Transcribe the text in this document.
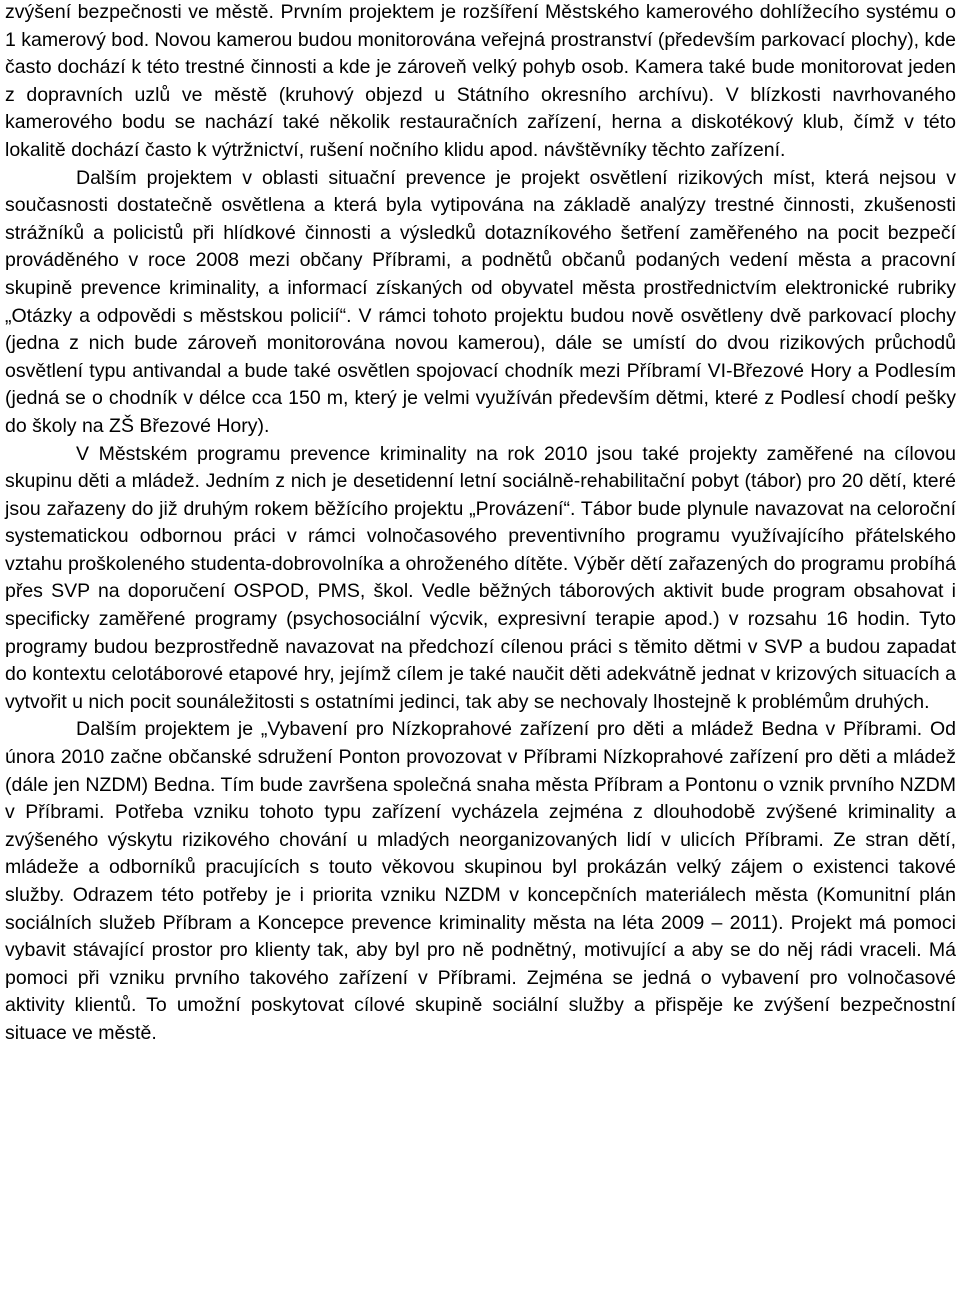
zvýšení bezpečnosti ve městě. Prvním projektem je rozšíření Městského kamerového dohlížecího systému o 1 kamerový bod. Novou kamerou budou monitorována veřejná prostranství (především parkovací plochy), kde často dochází k této trestné činnosti a kde je zároveň velký pohyb osob. Kamera také bude monitorovat jeden z dopravních uzlů ve městě (kruhový objezd u Státního okresního archívu). V blízkosti navrhovaného kamerového bodu se nachází také několik restauračních zařízení, herna a diskotékový klub, čímž v této lokalitě dochází často k výtržnictví, rušení nočního klidu apod. návštěvníky těchto zařízení.

Dalším projektem v oblasti situační prevence je projekt osvětlení rizikových míst, která nejsou v současnosti dostatečně osvětlena a která byla vytipována na základě analýzy trestné činnosti, zkušenosti strážníků a policistů při hlídkové činnosti a výsledků dotazníkového šetření zaměřeného na pocit bezpečí prováděného v roce 2008 mezi občany Příbrami, a podnětů občanů podaných vedení města a pracovní skupině prevence kriminality, a informací získaných od obyvatel města prostřednictvím elektronické rubriky „Otázky a odpovědi s městskou policií“. V rámci tohoto projektu budou nově osvětleny dvě parkovací plochy (jedna z nich bude zároveň monitorována novou kamerou), dále se umístí do dvou rizikových průchodů osvětlení typu antivandal a bude také osvětlen spojovací chodník mezi Příbramí VI-Březové Hory a Podlesím (jedná se o chodník v délce cca 150 m, který je velmi využíván především dětmi, které z Podlesí chodí pešky do školy na ZŠ Březové Hory).

V Městském programu prevence kriminality na rok 2010 jsou také projekty zaměřené na cílovou skupinu děti a mládež. Jedním z nich je desetidenní letní sociálně-rehabilitační pobyt (tábor) pro 20 dětí, které jsou zařazeny do již druhým rokem běžícího projektu „Provázení“. Tábor bude plynule navazovat na celoroční systematickou odbornou práci v rámci volnočasového preventivního programu využívajícího přátelského vztahu proškoleného studenta-dobrovolníka a ohroženého dítěte. Výběr dětí zařazených do programu probíhá přes SVP na doporučení OSPOD, PMS, škol. Vedle běžných táborových aktivit bude program obsahovat i specificky zaměřené programy (psychosociální výcvik, expresivní terapie apod.) v rozsahu 16 hodin. Tyto programy budou bezprostředně navazovat na předchozí cílenou práci s těmito dětmi v SVP a budou zapadat do kontextu celotáborové etapové hry, jejímž cílem je také naučit děti adekvátně jednat v krizových situacích a vytvořit u nich pocit sounáležitosti s ostatními jedinci, tak aby se nechovaly lhostejně k problémům druhých.

Dalším projektem je „Vybavení pro Nízkoprahové zařízení pro děti a mládež Bedna v Příbrami. Od února 2010 začne občanské sdružení Ponton provozovat v Příbrami Nízkoprahové zařízení pro děti a mládež (dále jen NZDM) Bedna. Tím bude završena společná snaha města Příbram a Pontonu o vznik prvního NZDM v Příbrami. Potřeba vzniku tohoto typu zařízení vycházela zejména z dlouhodobě zvýšené kriminality a zvýšeného výskytu rizikového chování u mladých neorganizovaných lidí v ulicích Příbrami. Ze stran dětí, mládeže a odborníků pracujících s touto věkovou skupinou byl prokázán velký zájem o existenci takové služby. Odrazem této potřeby je i priorita vzniku NZDM v koncepčních materiálech města (Komunitní plán sociálních služeb Příbram a Koncepce prevence kriminality města na léta 2009 – 2011). Projekt má pomoci vybavit stávající prostor pro klienty tak, aby byl pro ně podnětný, motivující a aby se do něj rádi vraceli. Má pomoci při vzniku prvního takového zařízení v Příbrami. Zejména se jedná o vybavení pro volnočasové aktivity klientů. To umožní poskytovat cílové skupině sociální služby a přispěje ke zvýšení bezpečnostní situace ve městě.
